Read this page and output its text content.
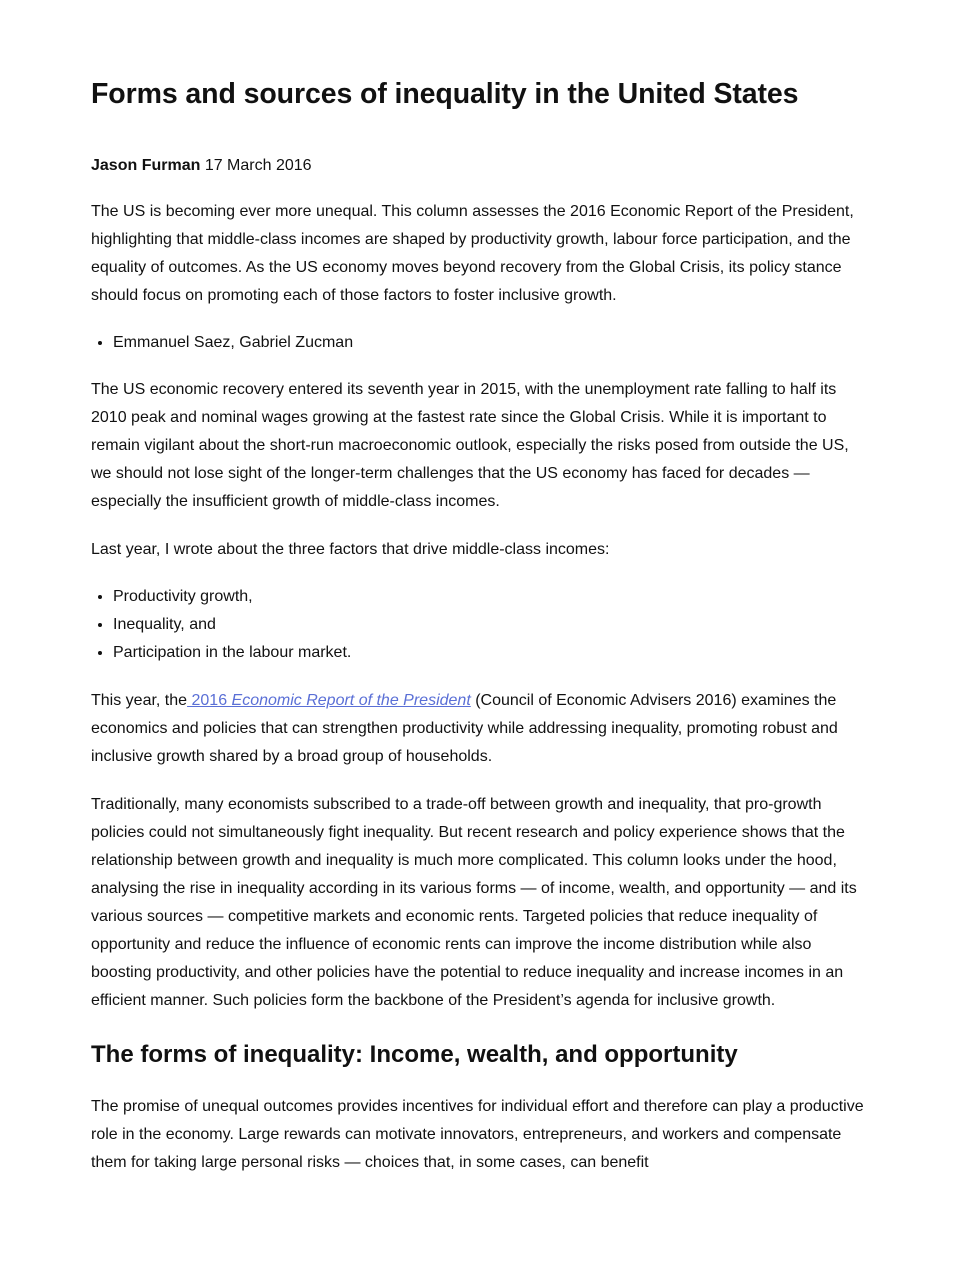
Forms and sources of inequality in the United States
Jason Furman 17 March 2016

The US is becoming ever more unequal. This column assesses the 2016 Economic Report of the President, highlighting that middle-class incomes are shaped by productivity growth, labour force participation, and the equality of outcomes. As the US economy moves beyond recovery from the Global Crisis, its policy stance should focus on promoting each of those factors to foster inclusive growth.

• Emmanuel Saez, Gabriel Zucman

The US economic recovery entered its seventh year in 2015, with the unemployment rate falling to half its 2010 peak and nominal wages growing at the fastest rate since the Global Crisis. While it is important to remain vigilant about the short-run macroeconomic outlook, especially the risks posed from outside the US, we should not lose sight of the longer-term challenges that the US economy has faced for decades — especially the insufficient growth of middle-class incomes.

Last year, I wrote about the three factors that drive middle-class incomes:

• Productivity growth,
• Inequality, and
• Participation in the labour market.

This year, the 2016 Economic Report of the President (Council of Economic Advisers 2016) examines the economics and policies that can strengthen productivity while addressing inequality, promoting robust and inclusive growth shared by a broad group of households.

Traditionally, many economists subscribed to a trade-off between growth and inequality, that pro-growth policies could not simultaneously fight inequality. But recent research and policy experience shows that the relationship between growth and inequality is much more complicated. This column looks under the hood, analysing the rise in inequality according in its various forms — of income, wealth, and opportunity — and its various sources — competitive markets and economic rents. Targeted policies that reduce inequality of opportunity and reduce the influence of economic rents can improve the income distribution while also boosting productivity, and other policies have the potential to reduce inequality and increase incomes in an efficient manner. Such policies form the backbone of the President’s agenda for inclusive growth.

The forms of inequality: Income, wealth, and opportunity

The promise of unequal outcomes provides incentives for individual effort and therefore can play a productive role in the economy. Large rewards can motivate innovators, entrepreneurs, and workers and compensate them for taking large personal risks — choices that, in some cases, can benefit
